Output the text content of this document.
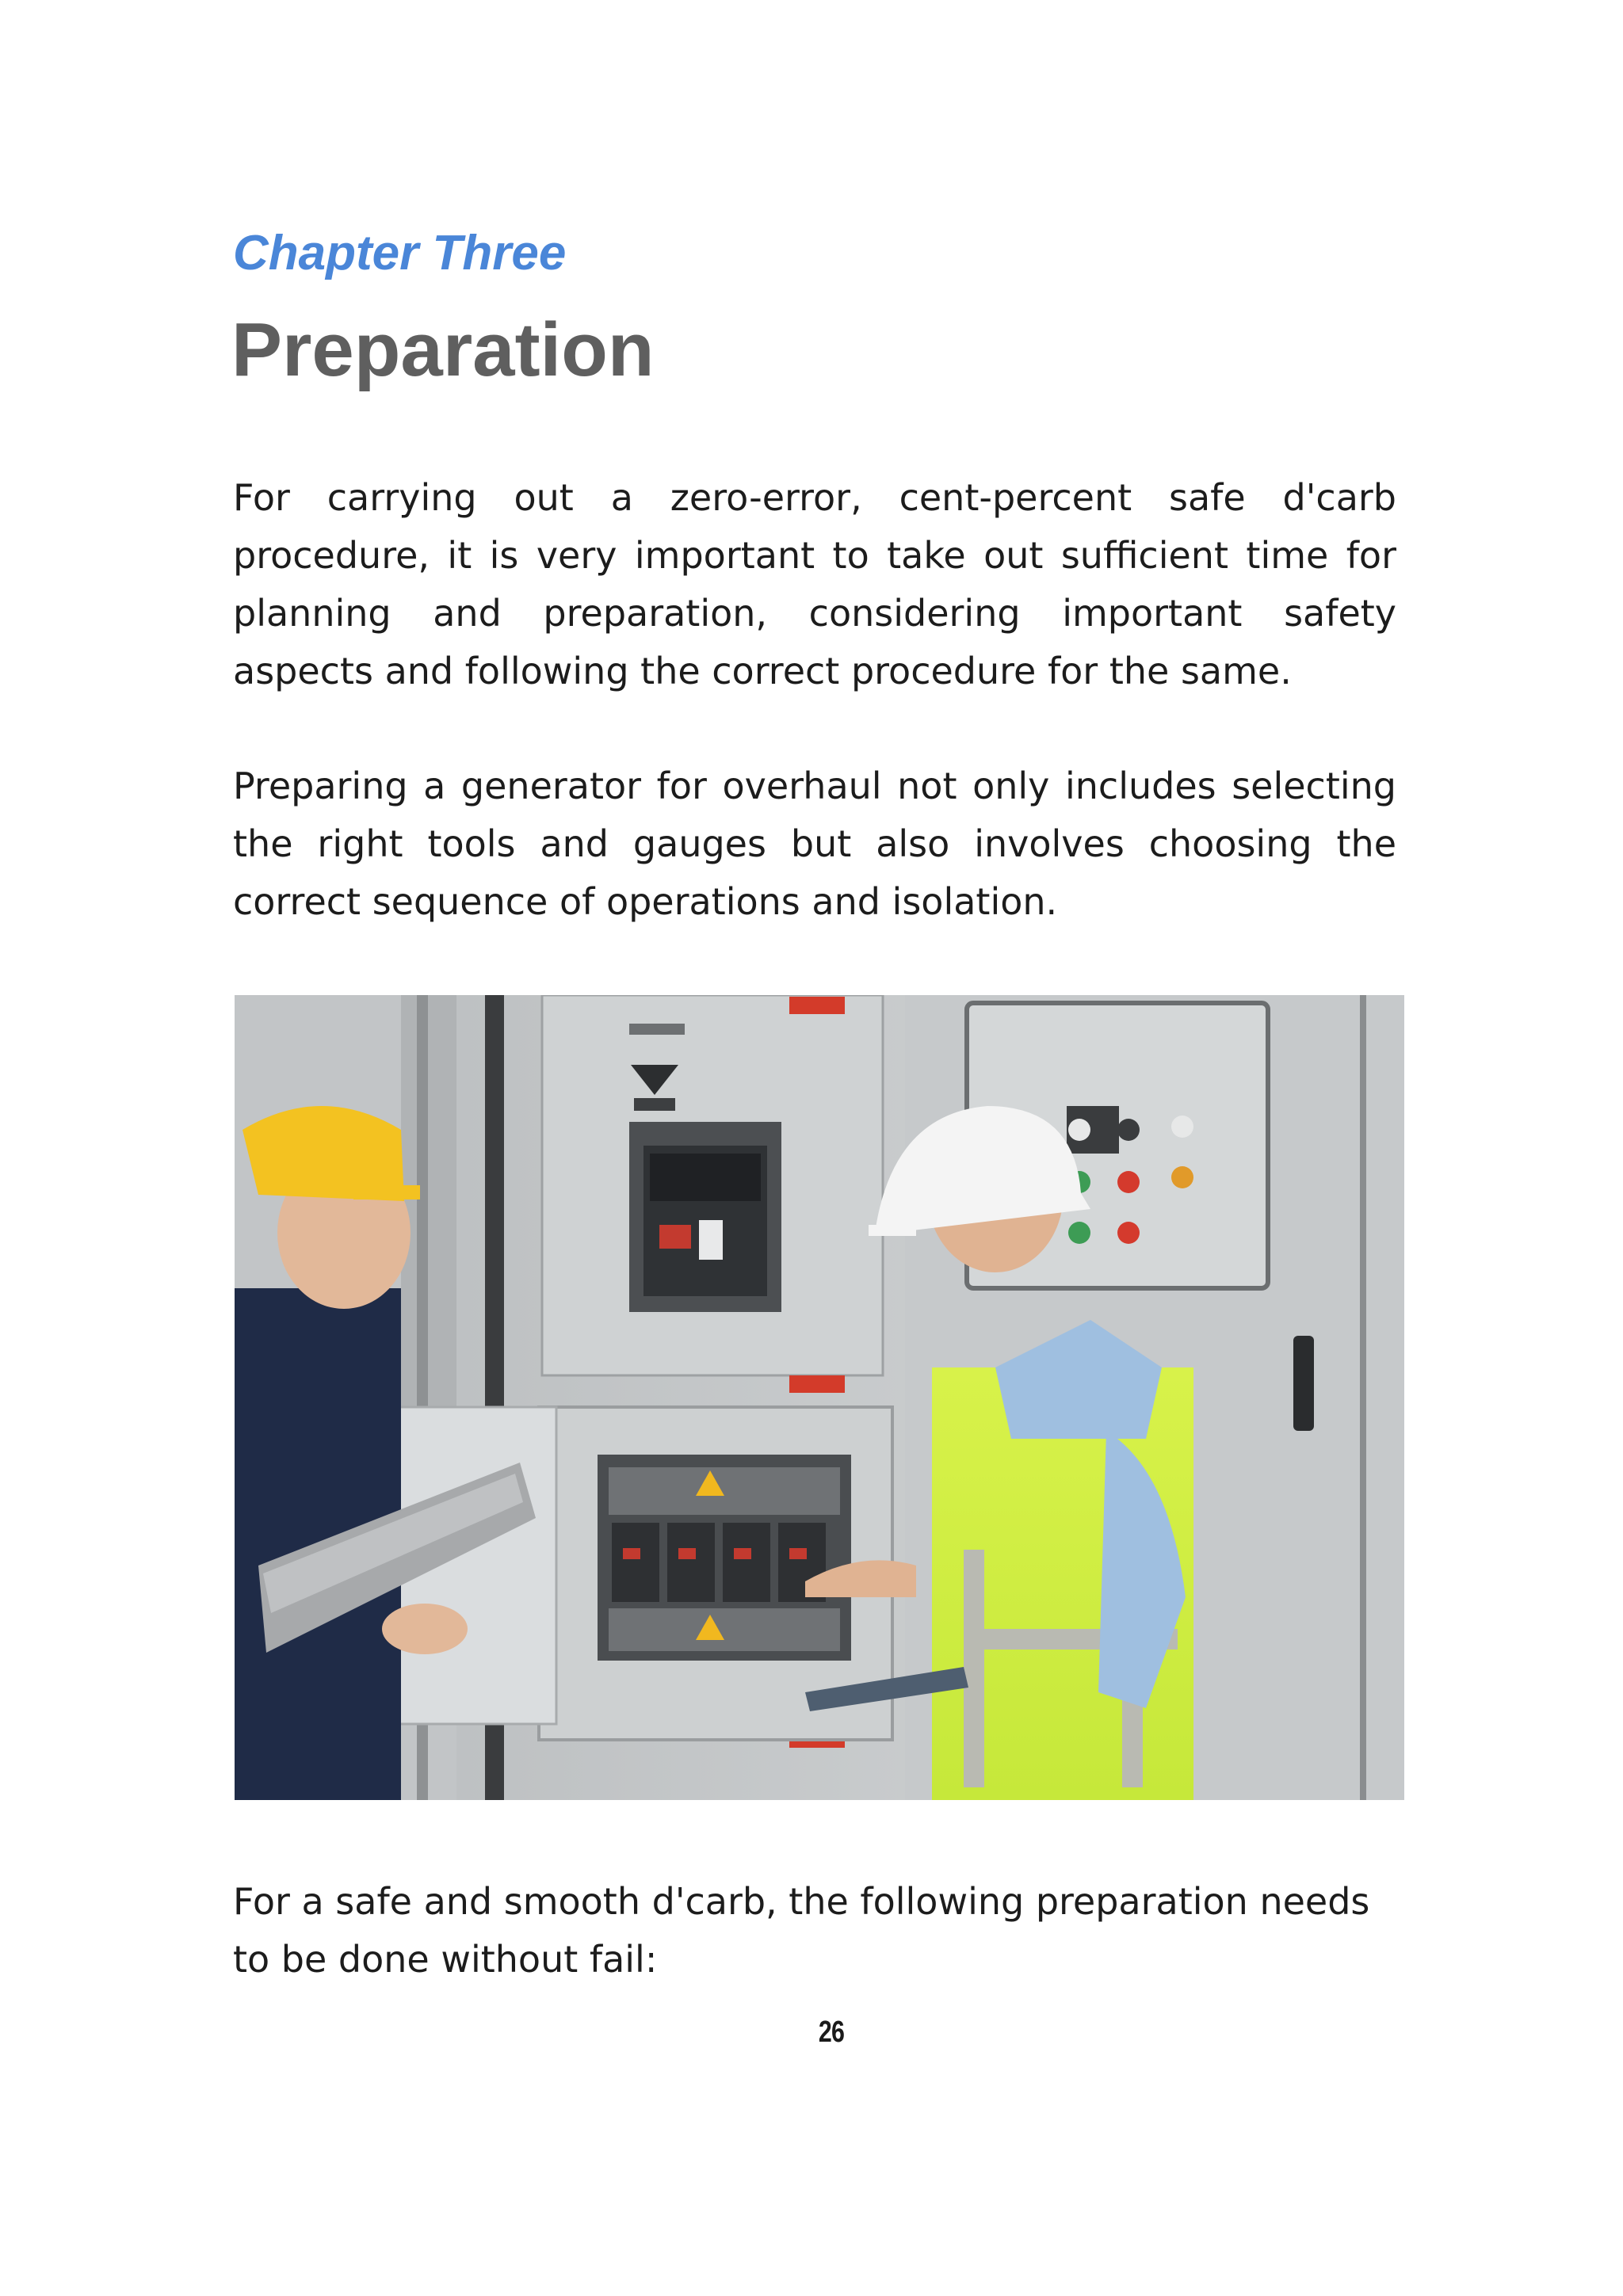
Chapter Three
Preparation

For carrying out a zero-error, cent-percent safe d'carb procedure, it is very important to take out sufficient time for planning and preparation, considering important safety aspects and following the correct procedure for the same.

Preparing a generator for overhaul not only includes selecting the right tools and gauges but also involves choosing the correct sequence of operations and isolation.

For a safe and smooth d'carb, the following preparation needs to be done without fail:

26
